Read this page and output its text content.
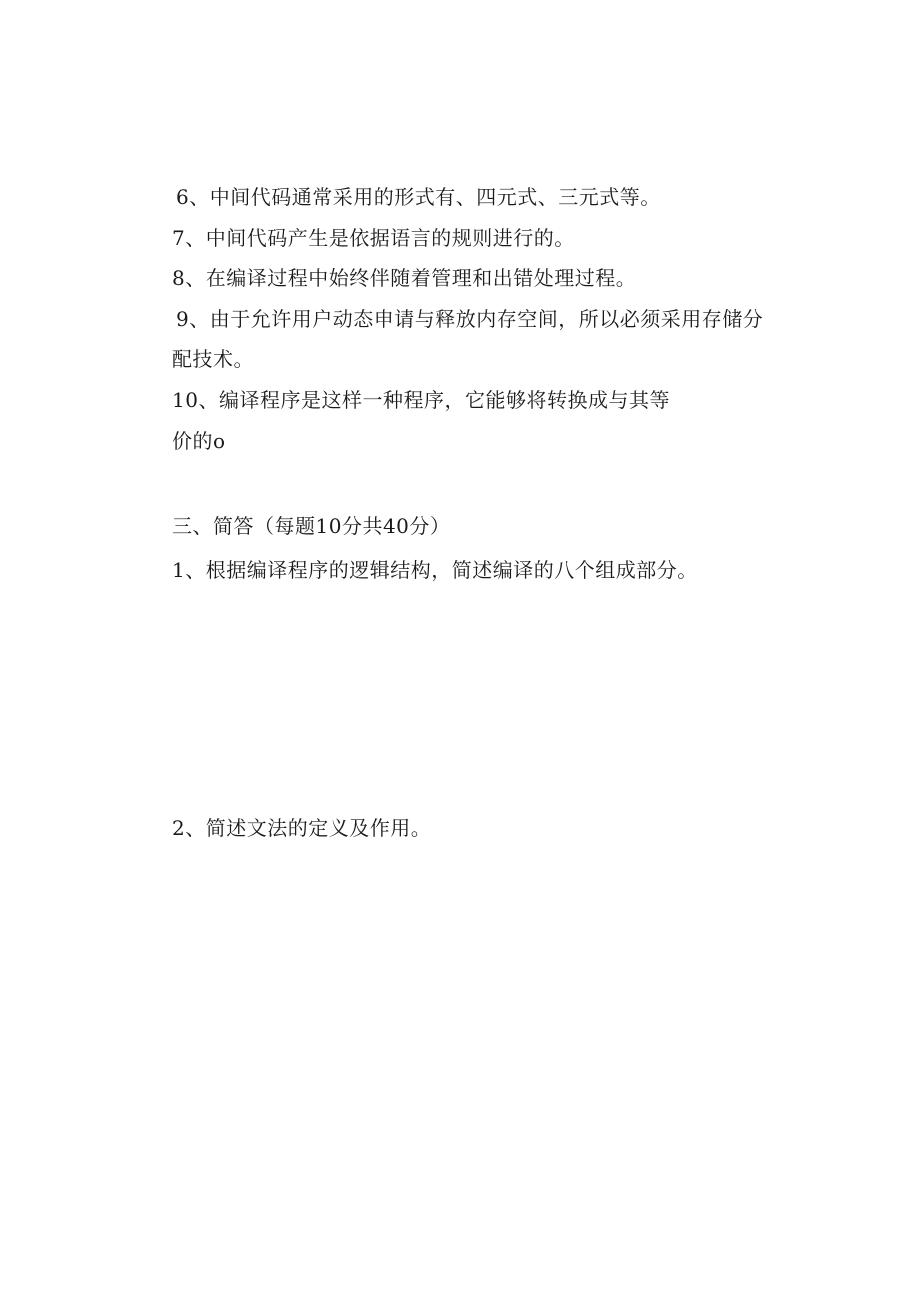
6、中间代码通常采用的形式有、四元式、三元式等。
7、中间代码产生是依据语言的规则进行的。
8、在编译过程中始终伴随着管理和出错处理过程。
9、由于允许用户动态申请与释放内存空间，所以必须采用存储分
配技术。
10、编译程序是这样一种程序，它能够将转换成与其等
价的o
三、简答（每题10分共40分）
1、根据编译程序的逻辑结构，简述编译的八个组成部分。
2、简述文法的定义及作用。
